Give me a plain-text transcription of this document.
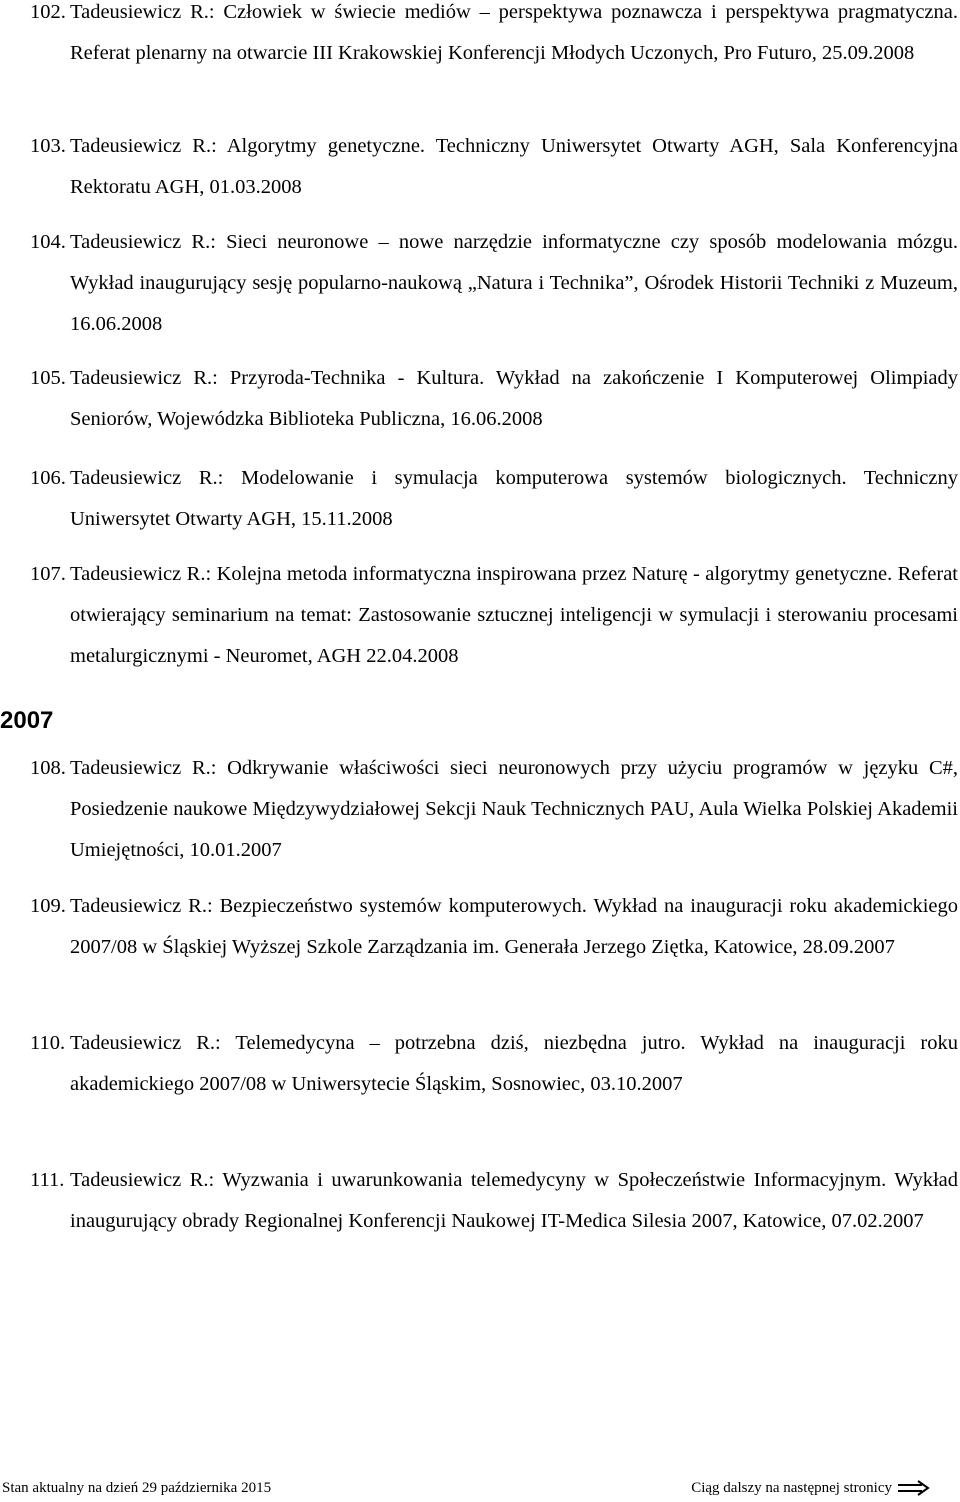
102. Tadeusiewicz R.: Człowiek w świecie mediów – perspektywa poznawcza i perspektywa pragmatyczna. Referat plenarny na otwarcie III Krakowskiej Konferencji Młodych Uczonych, Pro Futuro, 25.09.2008
103. Tadeusiewicz R.: Algorytmy genetyczne. Techniczny Uniwersytet Otwarty AGH, Sala Konferencyjna Rektoratu AGH, 01.03.2008
104. Tadeusiewicz R.: Sieci neuronowe – nowe narzędzie informatyczne czy sposób modelowania mózgu. Wykład inaugurujący sesję popularno-naukową „Natura i Technika”, Ośrodek Historii Techniki z Muzeum, 16.06.2008
105. Tadeusiewicz R.: Przyroda-Technika - Kultura. Wykład na zakończenie I Komputerowej Olimpiady Seniorów, Wojewódzka Biblioteka Publiczna, 16.06.2008
106. Tadeusiewicz R.: Modelowanie i symulacja komputerowa systemów biologicznych. Techniczny Uniwersytet Otwarty AGH, 15.11.2008
107. Tadeusiewicz R.: Kolejna metoda informatyczna inspirowana przez Naturę - algorytmy genetyczne. Referat otwierający seminarium na temat: Zastosowanie sztucznej inteligencji w symulacji i sterowaniu procesami metalurgicznymi - Neuromet, AGH 22.04.2008
2007
108. Tadeusiewicz R.: Odkrywanie właściwości sieci neuronowych przy użyciu programów w języku C#, Posiedzenie naukowe Międzywydziałowej Sekcji Nauk Technicznych PAU, Aula Wielka Polskiej Akademii Umiejętności, 10.01.2007
109. Tadeusiewicz R.: Bezpieczeństwo systemów komputerowych. Wykład na inauguracji roku akademickiego 2007/08 w Śląskiej Wyższej Szkole Zarządzania im. Generała Jerzego Ziętka, Katowice, 28.09.2007
110. Tadeusiewicz R.: Telemedycyna – potrzebna dziś, niezbędna jutro. Wykład na inauguracji roku akademickiego 2007/08 w Uniwersytecie Śląskim, Sosnowiec, 03.10.2007
111. Tadeusiewicz R.: Wyzwania i uwarunkowania telemedycyny w Społeczeństwie Informacyjnym. Wykład inaugurujący obrady Regionalnej Konferencji Naukowej IT-Medica Silesia 2007, Katowice, 07.02.2007
Stan aktualny na dzień 29 października 2015	Ciąg dalszy na następnej stronicy
